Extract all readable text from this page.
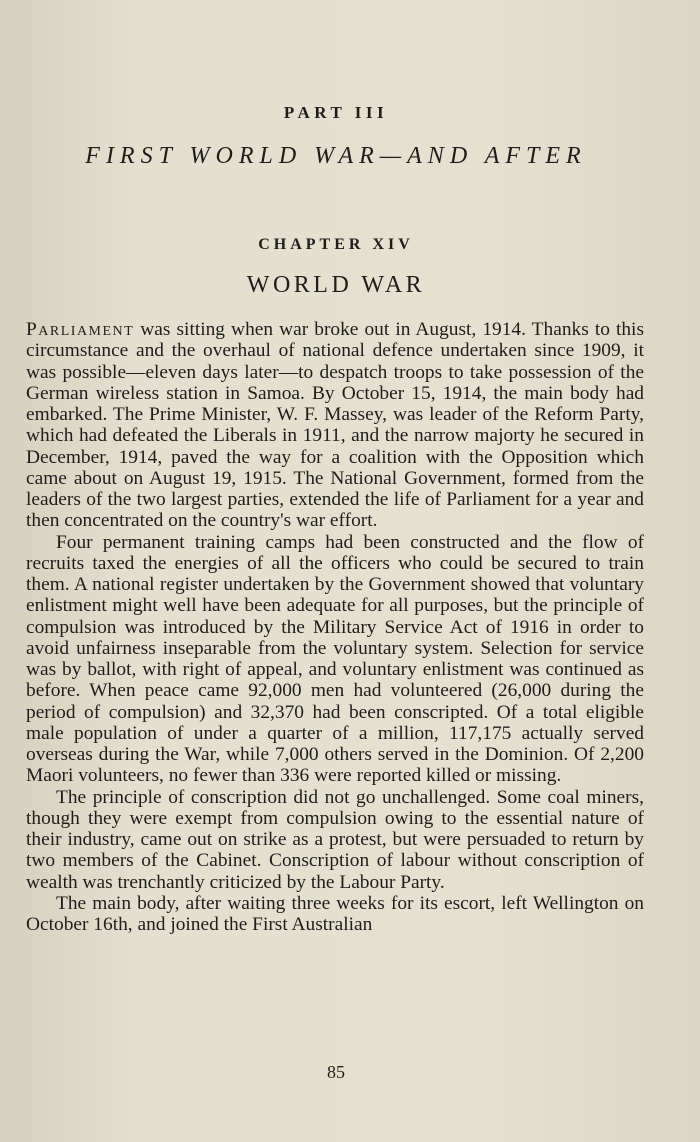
PART III
FIRST WORLD WAR—AND AFTER
CHAPTER XIV
WORLD WAR

Parliament was sitting when war broke out in August, 1914. Thanks to this circumstance and the overhaul of national defence undertaken since 1909, it was possible—eleven days later—to despatch troops to take possession of the German wireless station in Samoa. By October 15, 1914, the main body had embarked. The Prime Minister, W. F. Massey, was leader of the Reform Party, which had defeated the Liberals in 1911, and the narrow majorty he secured in December, 1914, paved the way for a coalition with the Opposition which came about on August 19, 1915. The National Government, formed from the leaders of the two largest parties, extended the life of Parliament for a year and then concentrated on the country's war effort.

Four permanent training camps had been constructed and the flow of recruits taxed the energies of all the officers who could be secured to train them. A national register undertaken by the Government showed that voluntary enlistment might well have been adequate for all purposes, but the principle of compulsion was introduced by the Military Service Act of 1916 in order to avoid unfairness inseparable from the voluntary system. Selection for service was by ballot, with right of appeal, and voluntary enlistment was continued as before. When peace came 92,000 men had volunteered (26,000 during the period of compulsion) and 32,370 had been conscripted. Of a total eligible male population of under a quarter of a million, 117,175 actually served overseas during the War, while 7,000 others served in the Dominion. Of 2,200 Maori volunteers, no fewer than 336 were reported killed or missing.

The principle of conscription did not go unchallenged. Some coal miners, though they were exempt from compulsion owing to the essential nature of their industry, came out on strike as a protest, but were persuaded to return by two members of the Cabinet. Conscription of labour without conscription of wealth was trenchantly criticized by the Labour Party.

The main body, after waiting three weeks for its escort, left Wellington on October 16th, and joined the First Australian

85
